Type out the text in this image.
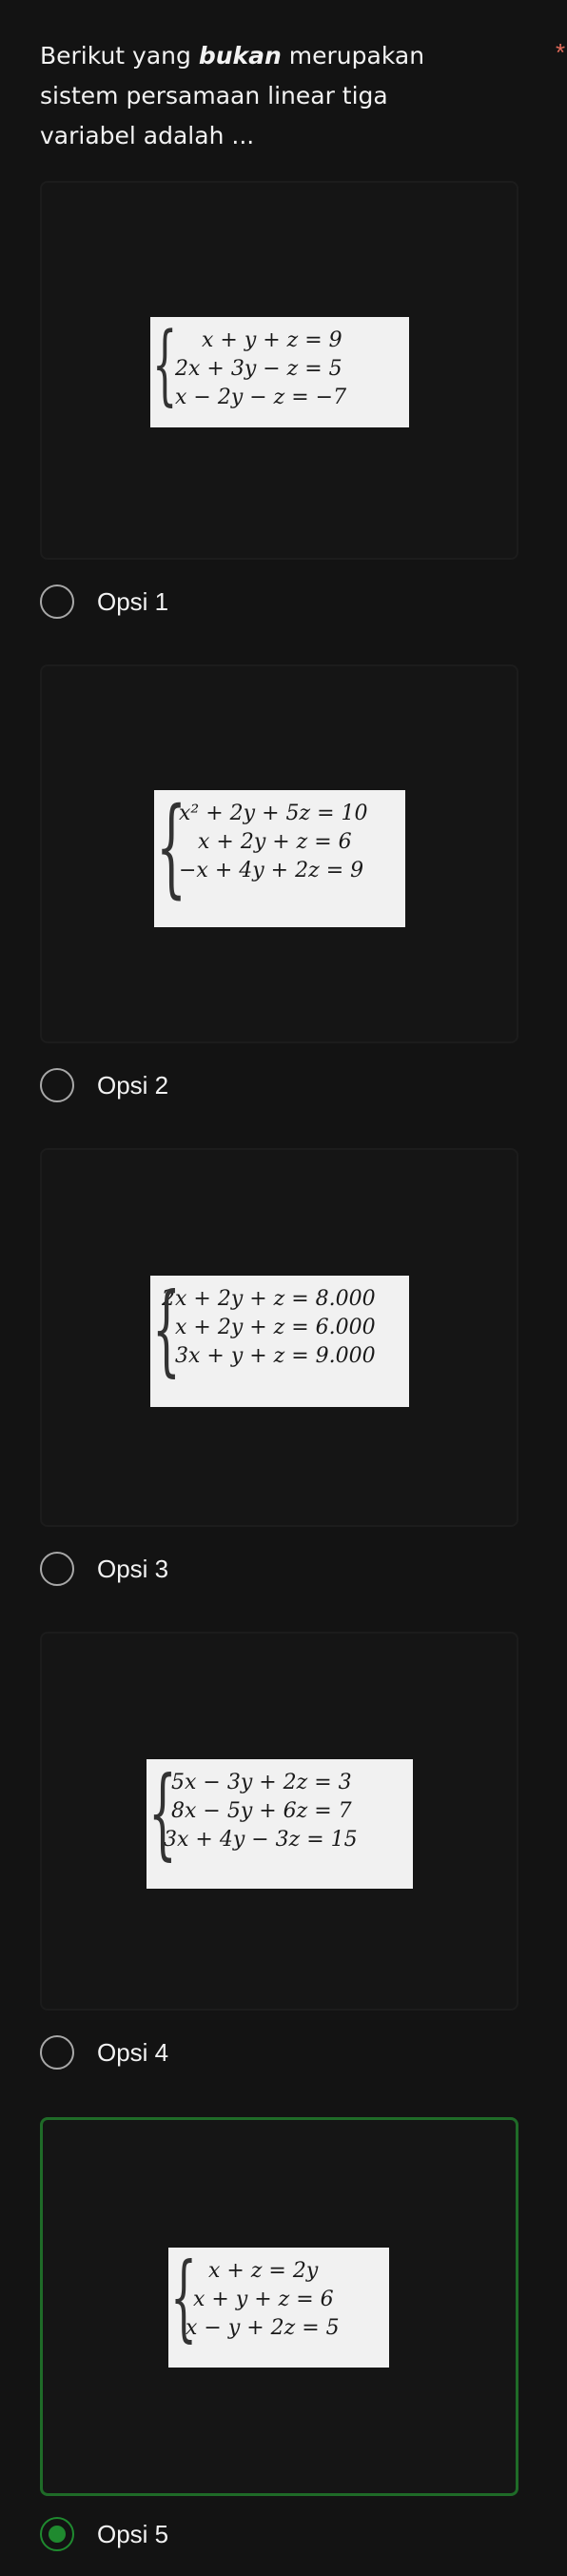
Berikut yang bukan merupakan sistem persamaan linear tiga variabel adalah ...
*
{	x + y + z = 9
2x + 3y − z = 5
x − 2y − z = −7
Opsi 1
{
x² + 2y + 5z = 10
x + 2y + z = 6
−x + 4y + 2z = 9
Opsi 2
{
2x + 2y + z = 8.000
x + 2y + z = 6.000
3x + y + z = 9.000
Opsi 3
{
5x − 3y + 2z = 3
8x − 5y + 6z = 7
3x + 4y − 3z = 15
Opsi 4
{ x + z = 2y
x + y + z = 6
x − y + 2z = 5
Opsi 5
